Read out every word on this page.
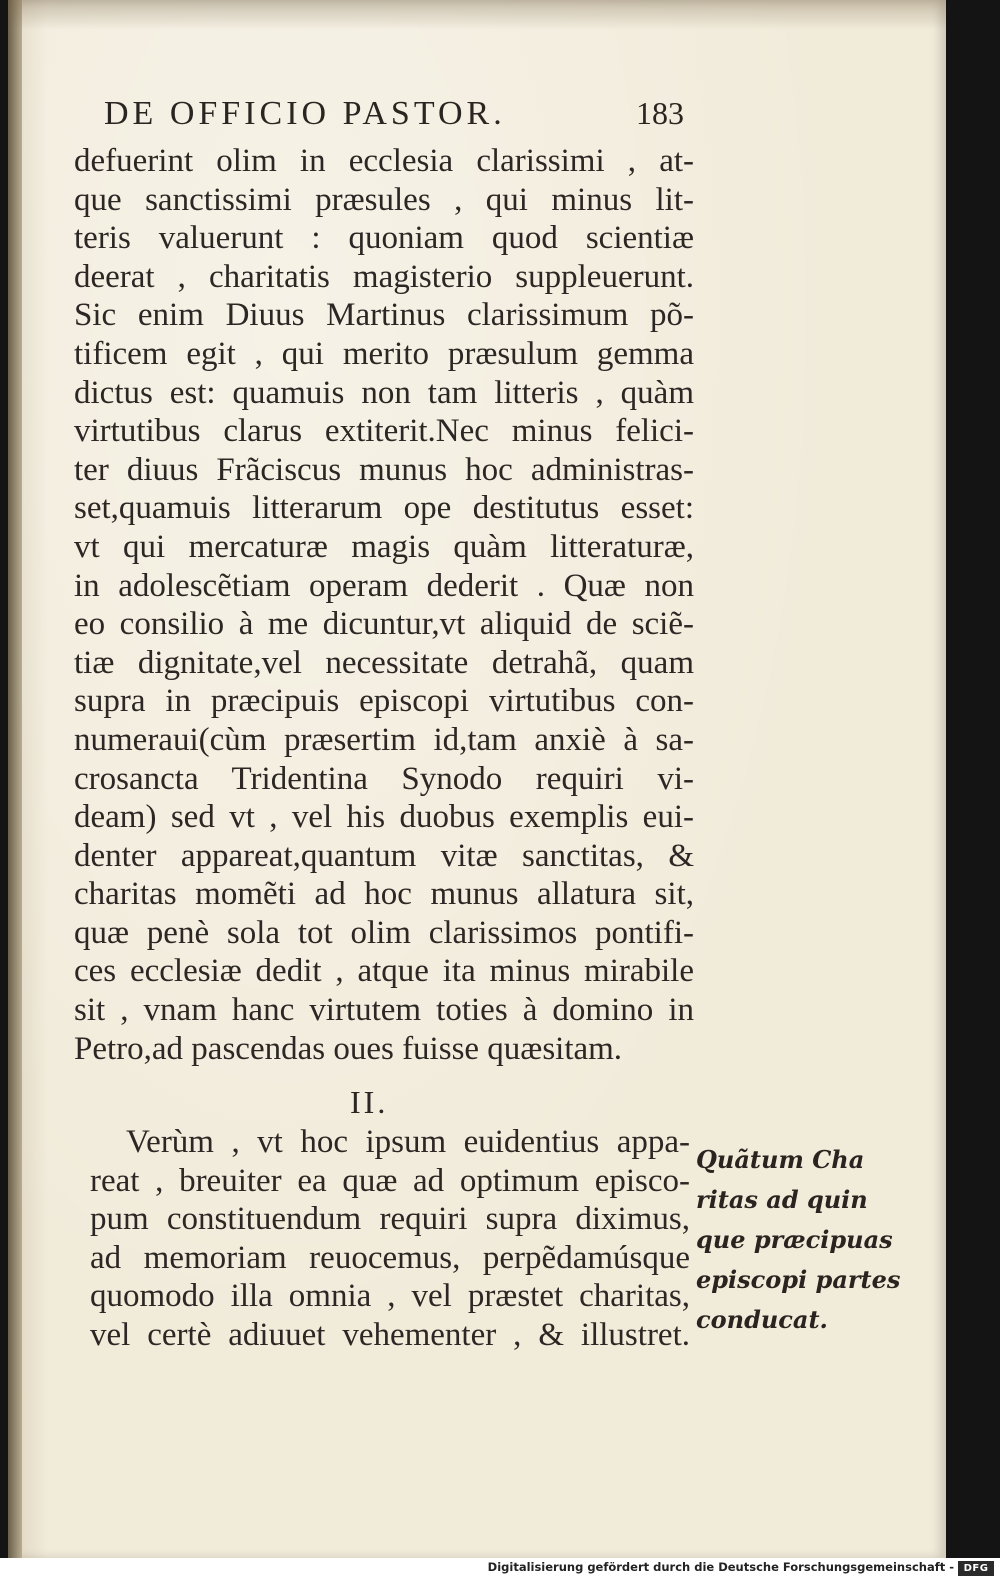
DE OFFICIO PASTOR.	183
defuerint olim in ecclesia clarissimi , at-
que sanctissimi præsules , qui minus lit-
teris valuerunt : quoniam quod scientiæ
deerat , charitatis magisterio suppleuerunt.
Sic enim Diuus Martinus clarissimum põ-
tificem egit , qui merito præsulum gemma
dictus est: quamuis non tam litteris , quàm
virtutibus clarus extiterit.Nec minus felici-
ter diuus Frãciscus munus hoc administras-
set,quamuis litterarum ope destitutus esset:
vt qui mercaturæ magis quàm litteraturæ,
in adolescẽtiam operam dederit . Quæ non
eo consilio à me dicuntur,vt aliquid de sciẽ-
tiæ dignitate,vel necessitate detrahã, quam
supra in præcipuis episcopi virtutibus con-
numeraui(cùm præsertim id,tam anxiè à sa-
crosancta Tridentina Synodo requiri vi-
deam) sed vt , vel his duobus exemplis eui-
denter appareat,quantum vitæ sanctitas, &
charitas momẽti ad hoc munus allatura sit,
quæ penè sola tot olim clarissimos pontifi-
ces ecclesiæ dedit , atque ita minus mirabile
sit , vnam hanc virtutem toties à domino in
Petro,ad pascendas oues fuisse quæsitam.
II.
Verùm , vt hoc ipsum euidentius appa-
reat , breuiter ea quæ ad optimum episco-
pum constituendum requiri supra diximus,
ad memoriam reuocemus, perpẽdamúsque
quomodo illa omnia , vel præstet charitas,
vel certè adiuuet vehementer , & illustret.
Quãtum Cha
ritas ad quin
que præcipuas
episcopi partes
conducat.
Digitalisierung gefördert durch die Deutsche Forschungsgemeinschaft - DFG
